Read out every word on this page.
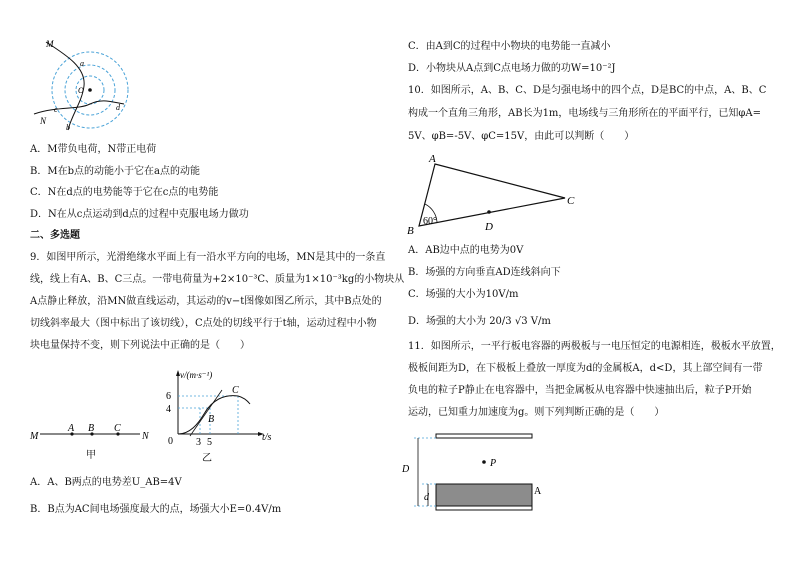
M
N
a
b
c	d
O
A．M带负电荷，N带正电荷
B．M在b点的动能小于它在a点的动能
C．N在d点的电势能等于它在c点的电势能
D．N在从c点运动到d点的过程中克服电场力做功
二、多选题
9．如图甲所示，光滑绝缘水平面上有一沿水平方向的电场，MN是其中的一条直
线，线上有A、B、C三点。一带电荷量为+2×10⁻³C、质量为1×10⁻³kg的小物块从
A点静止释放，沿MN做直线运动，其运动的v−t图像如图乙所示，其中B点处的
切线斜率最大（图中标出了该切线），C点处的切线平行于t轴，运动过程中小物
块电量保持不变，则下列说法中正确的是（　　）
M
A B C
N
甲
v/(m·s⁻¹)
6
4
0 3 5	t/s
B
C
乙
A．A、B两点的电势差U_AB=4V
B．B点为AC间电场强度最大的点，场强大小E=0.4V/m
C．由A到C的过程中小物块的电势能一直减小
D．小物块从A点到C点电场力做的功W=10⁻²J
10．如图所示，A、B、C、D是匀强电场中的四个点，D是BC的中点，A、B、C
构成一个直角三角形，AB长为1m，电场线与三角形所在的平面平行，已知φA=
5V、φB=-5V、φC=15V，由此可以判断（　　）
A
B
C
D
60°
A．AB边中点的电势为0V
B．场强的方向垂直AD连线斜向下
C．场强的大小为10V/m
D．场强的大小为 20/3 √3 V/m
11．如图所示，一平行板电容器的两极板与一电压恒定的电源相连，极板水平放置，
极板间距为D，在下极板上叠放一厚度为d的金属板A，d<D，其上部空间有一带
负电的粒子P静止在电容器中，当把金属板从电容器中快速抽出后，粒子P开始
运动，已知重力加速度为g。则下列判断正确的是（　　）
D
d
P
A
